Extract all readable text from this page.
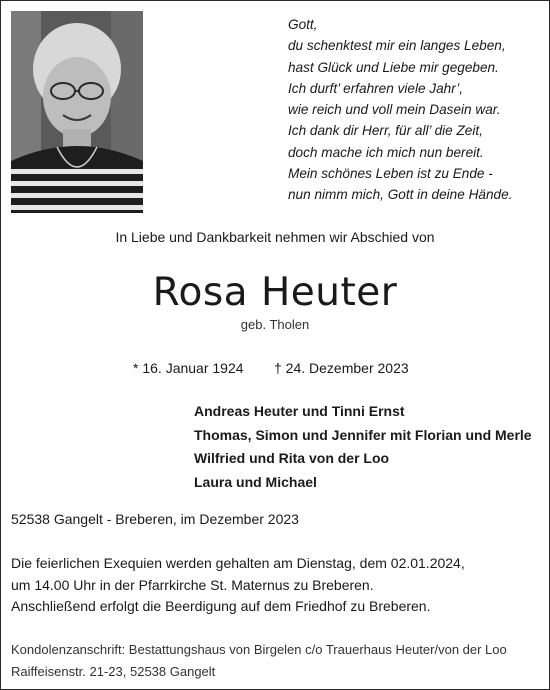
Gott,
du schenktest mir ein langes Leben,
hast Glück und Liebe mir gegeben.
Ich durft’ erfahren viele Jahr’,
wie reich und voll mein Dasein war.
Ich dank dir Herr, für all’ die Zeit,
doch mache ich mich nun bereit.
Mein schönes Leben ist zu Ende -
nun nimm mich, Gott in deine Hände.
In Liebe und Dankbarkeit nehmen wir Abschied von
Rosa Heuter
geb. Tholen
* 16. Januar 1924 † 24. Dezember 2023
Andreas Heuter und Tinni Ernst
Thomas, Simon und Jennifer mit Florian und Merle
Wilfried und Rita von der Loo
Laura und Michael
52538 Gangelt - Breberen, im Dezember 2023
Die feierlichen Exequien werden gehalten am Dienstag, dem 02.01.2024,
um 14.00 Uhr in der Pfarrkirche St. Maternus zu Breberen.
Anschließend erfolgt die Beerdigung auf dem Friedhof zu Breberen.
Kondolenzanschrift: Bestattungshaus von Birgelen c/o Trauerhaus Heuter/von der Loo
Raiffeisenstr. 21-23, 52538 Gangelt
